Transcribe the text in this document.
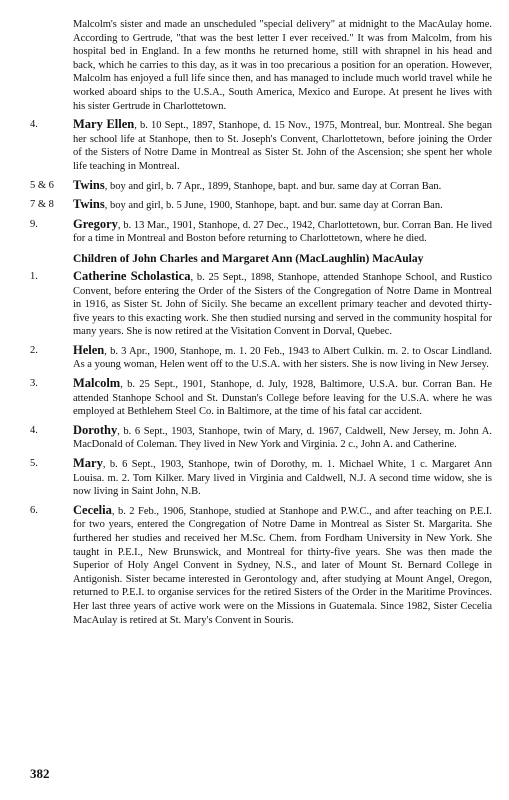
Malcolm's sister and made an unscheduled "special delivery" at midnight to the MacAulay home. According to Gertrude, "that was the best letter I ever received." It was from Malcolm, from his hospital bed in England. In a few months he returned home, still with shrapnel in his head and back, which he carries to this day, as it was in too precarious a position for an operation. However, Malcolm has enjoyed a full life since then, and has managed to include much world travel while he worked aboard ships to the U.S.A., South America, Mexico and Europe. At present he lives with his sister Gertrude in Charlottetown.

4.	Mary Ellen, b. 10 Sept., 1897, Stanhope, d. 15 Nov., 1975, Montreal, bur. Montreal. She began her school life at Stanhope, then to St. Joseph's Convent, Charlottetown, before joining the Order of the Sisters of Notre Dame in Montreal as Sister St. John of the Ascension; she spent her whole life teaching in Montreal.
5 & 6	Twins, boy and girl, b. 7 Apr., 1899, Stanhope, bapt. and bur. same day at Corran Ban.
7 & 8	Twins, boy and girl, b. 5 June, 1900, Stanhope, bapt. and bur. same day at Corran Ban.
9.	Gregory, b. 13 Mar., 1901, Stanhope, d. 27 Dec., 1942, Charlottetown, bur. Corran Ban. He lived for a time in Montreal and Boston before returning to Charlottetown, where he died.

Children of John Charles and Margaret Ann (MacLaughlin) MacAulay

1.	Catherine Scholastica, b. 25 Sept., 1898, Stanhope, attended Stanhope School, and Rustico Convent, before entering the Order of the Sisters of the Congregation of Notre Dame in Montreal in 1916, as Sister St. John of Sicily. She became an excellent primary teacher and devoted thirty-five years to this exacting work. She then studied nursing and served in the community hospital for many years. She is now retired at the Visitation Convent in Dorval, Quebec.
2.	Helen, b. 3 Apr., 1900, Stanhope, m. 1. 20 Feb., 1943 to Albert Culkin. m. 2. to Oscar Lindland. As a young woman, Helen went off to the U.S.A. with her sisters. She is now living in New Jersey.
3.	Malcolm, b. 25 Sept., 1901, Stanhope, d. July, 1928, Baltimore, U.S.A. bur. Corran Ban. He attended Stanhope School and St. Dunstan's College before leaving for the U.S.A. where he was employed at Bethlehem Steel Co. in Baltimore, at the time of his fatal car accident.
4.	Dorothy, b. 6 Sept., 1903, Stanhope, twin of Mary, d. 1967, Caldwell, New Jersey, m. John A. MacDonald of Coleman. They lived in New York and Virginia. 2 c., John A. and Catherine.
5.	Mary, b. 6 Sept., 1903, Stanhope, twin of Dorothy, m. 1. Michael White, 1 c. Margaret Ann Louisa. m. 2. Tom Kilker. Mary lived in Virginia and Caldwell, N.J. A second time widow, she is now living in Saint John, N.B.
6.	Cecelia, b. 2 Feb., 1906, Stanhope, studied at Stanhope and P.W.C., and after teaching on P.E.I. for two years, entered the Congregation of Notre Dame in Montreal as Sister St. Margarita. She furthered her studies and received her M.Sc. Chem. from Fordham University in New York. She taught in P.E.I., New Brunswick, and Montreal for thirty-five years. She was then made the Superior of Holy Angel Convent in Sydney, N.S., and later of Mount St. Bernard College in Antigonish. Sister became interested in Gerontology and, after studying at Mount Angel, Oregon, returned to P.E.I. to organise services for the retired Sisters of the Order in the Maritime Provinces. Her last three years of active work were on the Missions in Guatemala. Since 1982, Sister Cecelia MacAulay is retired at St. Mary's Convent in Souris.
382
